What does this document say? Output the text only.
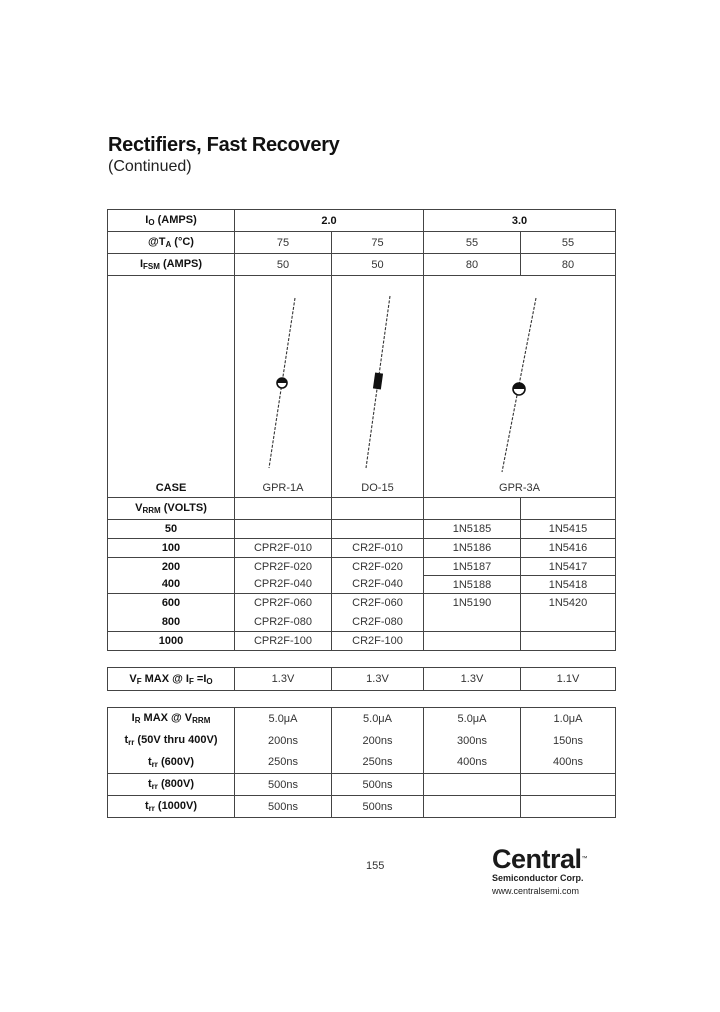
Rectifiers, Fast Recovery
(Continued)
$I_O$ (AMPS)	2.0		3.0	
$@T_A$ (°C)	75	75	55	55
$I_{FSM}$ (AMPS)	50	50	80	80

CASE	GPR-1A	DO-15	GPR-3A	

$V_{RRM}$ (VOLTS)				
50			1N5185	1N5415
100	CPR2F-010	CR2F-010	1N5186	1N5416
200	CPR2F-020	CR2F-020	1N5187	1N5417
400	CPR2F-040	CR2F-040	1N5188	1N5418
600	CPR2F-060	CR2F-060	1N5190	1N5420
800	CPR2F-080	CR2F-080		
1000	CPR2F-100	CR2F-100		
$V_F$ MAX @ $I_F =I_O$	1.3V	1.3V	1.3V	1.1V
$I_R$ MAX @ $V_{RRM}$	5.0μA	5.0μA	5.0μA	1.0μA
$t_{rr}$ (50V thru 400V)	200ns	200ns	300ns	150ns
$t_{rr}$ (600V)	250ns	250ns	400ns	400ns
$t_{rr}$ (800V)	500ns	500ns		
$t_{rr}$ (1000V)	500ns	500ns		
155	Central™
Semiconductor Corp.
www.centralsemi.com
